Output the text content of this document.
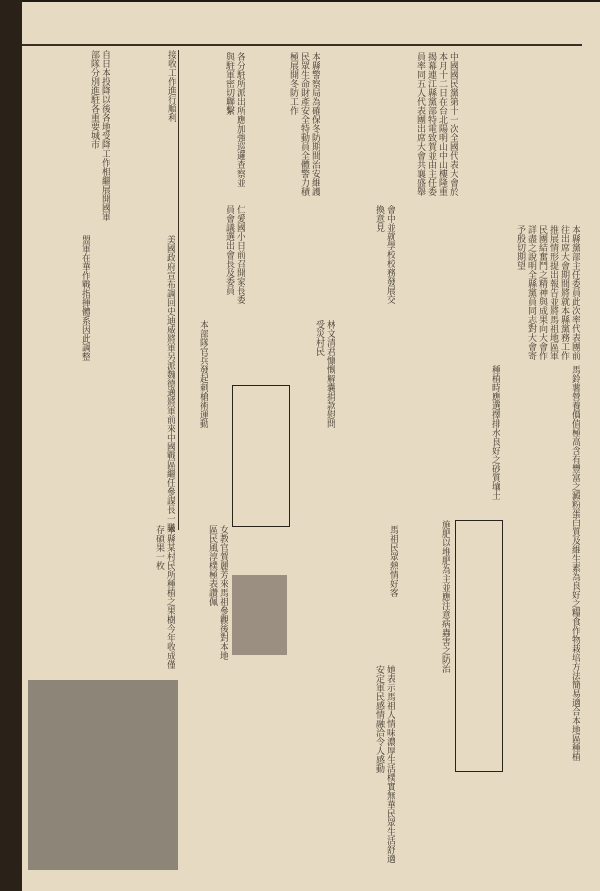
中國國民黨第十一次全國代表大會於本月十二日在台北陽明山中山樓隆重揭幕連江縣黨部特電致賀並由主任委員率同五人代表團出席大會共襄盛舉
本縣黨部主任委員此次率代表團前往出席大會期間將就本縣黨務工作推展情形提出報告並將馬祖地區軍民團結奮鬥之精神與成果向大會作詳盡之說明全縣黨員同志對大會寄予殷切期望
本縣警察局為確保冬防期間治安維護民眾生命財產安全特動員全體警力積極展開冬防工作
各分駐所派出所應加強巡邏查察並與駐軍密切聯繫
自日本投降以後各地受降工作相繼展開國軍部隊分別進駐各重要城市	接收工作進行順利
仁愛國小日前召開家長委員會議選出會長及委員	會中並就學校校務發展交換意見
林文清君慷慨解囊捐款慰問受災村民
本部隊官兵發起刺槍術運動
美國政府宣布調回史迪威將軍另派魏德邁將軍前來中國戰區繼任參謀長一職
盟軍在華作戰指揮體系因此調整
馬鈴薯營養價值極高含有豐富之澱粉蛋白質及維生素為良好之糧食作物栽培方法簡易適合本地區種植
種植時應選擇排水良好之砂質壤土
施肥以堆肥為主並應注意病蟲害之防治
女教官賀麗芳來馬祖參觀後對本地區民風淳樸極表讚佩	馬祖民眾熱情好客
她表示馬祖人情味濃厚生活樸實無華民眾生活舒適安定軍民感情融洽令人感動
本縣某村民所種植之果樹今年收成僅存碩果一枚
